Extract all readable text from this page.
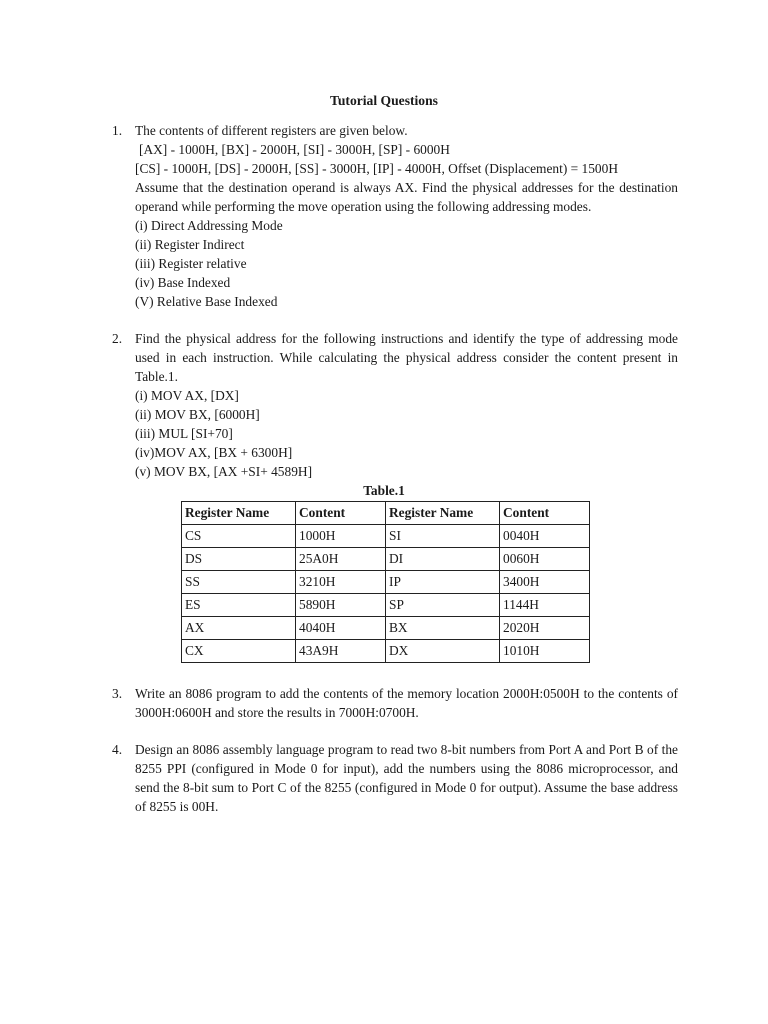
Tutorial Questions
1. The contents of different registers are given below.
[AX] - 1000H, [BX] - 2000H, [SI] - 3000H, [SP] - 6000H
[CS] - 1000H, [DS] - 2000H, [SS] - 3000H, [IP] - 4000H, Offset (Displacement) = 1500H
Assume that the destination operand is always AX. Find the physical addresses for the destination operand while performing the move operation using the following addressing modes.
(i) Direct Addressing Mode
(ii) Register Indirect
(iii) Register relative
(iv) Base Indexed
(V) Relative Base Indexed
2. Find the physical address for the following instructions and identify the type of addressing mode used in each instruction. While calculating the physical address consider the content present in Table.1.
(i) MOV AX, [DX]
(ii) MOV BX, [6000H]
(iii) MUL [SI+70]
(iv)MOV AX, [BX + 6300H]
(v) MOV BX, [AX +SI+ 4589H]
Table.1
Register Name	Content	Register Name	Content
CS	1000H	SI	0040H
DS	25A0H	DI	0060H
SS	3210H	IP	3400H
ES	5890H	SP	1144H
AX	4040H	BX	2020H
CX	43A9H	DX	1010H
3. Write an 8086 program to add the contents of the memory location 2000H:0500H to the contents of 3000H:0600H and store the results in 7000H:0700H.
4. Design an 8086 assembly language program to read two 8-bit numbers from Port A and Port B of the 8255 PPI (configured in Mode 0 for input), add the numbers using the 8086 microprocessor, and send the 8-bit sum to Port C of the 8255 (configured in Mode 0 for output). Assume the base address of 8255 is 00H.
